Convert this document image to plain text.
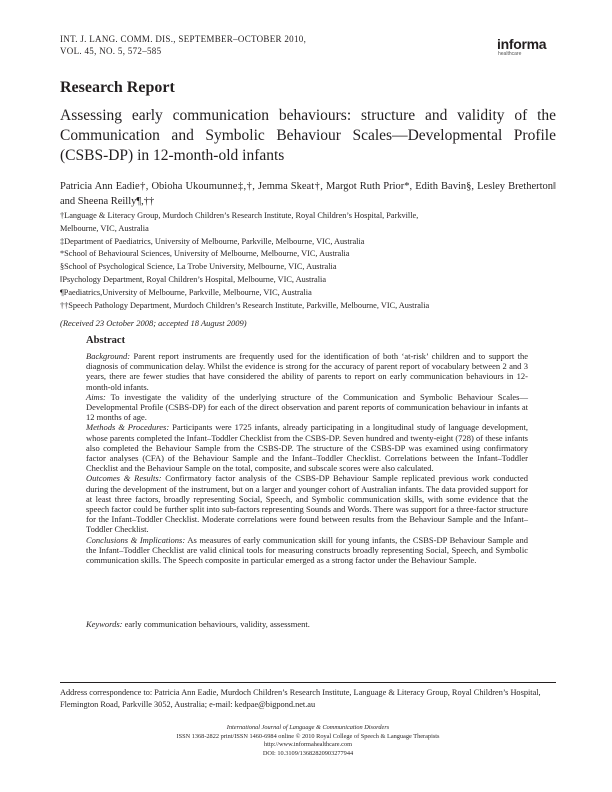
INT. J. LANG. COMM. DIS., SEPTEMBER–OCTOBER 2010,
VOL. 45, NO. 5, 572–585	informa
healthcare
Research Report
Assessing early communication behaviours: structure and validity of the Communication and Symbolic Behaviour Scales—Developmental Profile (CSBS-DP) in 12-month-old infants
Patricia Ann Eadie†, Obioha Ukoumunne‡,†, Jemma Skeat†, Margot Ruth Prior*, Edith Bavin§, Lesley Bretherton‖ and Sheena Reilly¶,††
†Language & Literacy Group, Murdoch Children’s Research Institute, Royal Children’s Hospital, Parkville,
Melbourne, VIC, Australia
‡Department of Paediatrics, University of Melbourne, Parkville, Melbourne, VIC, Australia
*School of Behavioural Sciences, University of Melbourne, Melbourne, VIC, Australia
§School of Psychological Science, La Trobe University, Melbourne, VIC, Australia
‖Psychology Department, Royal Children’s Hospital, Melbourne, VIC, Australia
¶Paediatrics,University of Melbourne, Parkville, Melbourne, VIC, Australia
††Speech Pathology Department, Murdoch Children’s Research Institute, Parkville, Melbourne, VIC, Australia
(Received 23 October 2008; accepted 18 August 2009)
Abstract
Background: Parent report instruments are frequently used for the identification of both ‘at-risk’ children and to support the diagnosis of communication delay. Whilst the evidence is strong for the accuracy of parent report of vocabulary between 2 and 3 years, there are fewer studies that have considered the ability of parents to report on early communication behaviours in 12-month-old infants.
Aims: To investigate the validity of the underlying structure of the Communication and Symbolic Behaviour Scales—Developmental Profile (CSBS-DP) for each of the direct observation and parent reports of communication behaviour in infants at 12 months of age.
Methods & Procedures: Participants were 1725 infants, already participating in a longitudinal study of language development, whose parents completed the Infant–Toddler Checklist from the CSBS-DP. Seven hundred and twenty-eight (728) of these infants also completed the Behaviour Sample from the CSBS-DP. The structure of the CSBS-DP was examined using confirmatory factor analyses (CFA) of the Behaviour Sample and the Infant–Toddler Checklist. Correlations between the Infant–Toddler Checklist and the Behaviour Sample on the total, composite, and subscale scores were also calculated.
Outcomes & Results: Confirmatory factor analysis of the CSBS-DP Behaviour Sample replicated previous work conducted during the development of the instrument, but on a larger and younger cohort of Australian infants. The data provided support for at least three factors, broadly representing Social, Speech, and Symbolic communication skills, with some evidence that the speech factor could be further split into sub-factors representing Sounds and Words. There was support for a three-factor structure for the Infant–Toddler Checklist. Moderate correlations were found between results from the Behaviour Sample and the Infant–Toddler Checklist.
Conclusions & Implications: As measures of early communication skill for young infants, the CSBS-DP Behaviour Sample and the Infant–Toddler Checklist are valid clinical tools for measuring constructs broadly representing Social, Speech, and Symbolic communication skills. The Speech composite in particular emerged as a strong factor under the Behaviour Sample.
Keywords: early communication behaviours, validity, assessment.
Address correspondence to: Patricia Ann Eadie, Murdoch Children’s Research Institute, Language & Literacy Group, Royal Children’s Hospital, Flemington Road, Parkville 3052, Australia; e-mail: kedpae@bigpond.net.au
International Journal of Language & Communication Disorders
ISSN 1368-2822 print/ISSN 1460-6984 online © 2010 Royal College of Speech & Language Therapists
http://www.informahealthcare.com
DOI: 10.3109/13682820903277944
